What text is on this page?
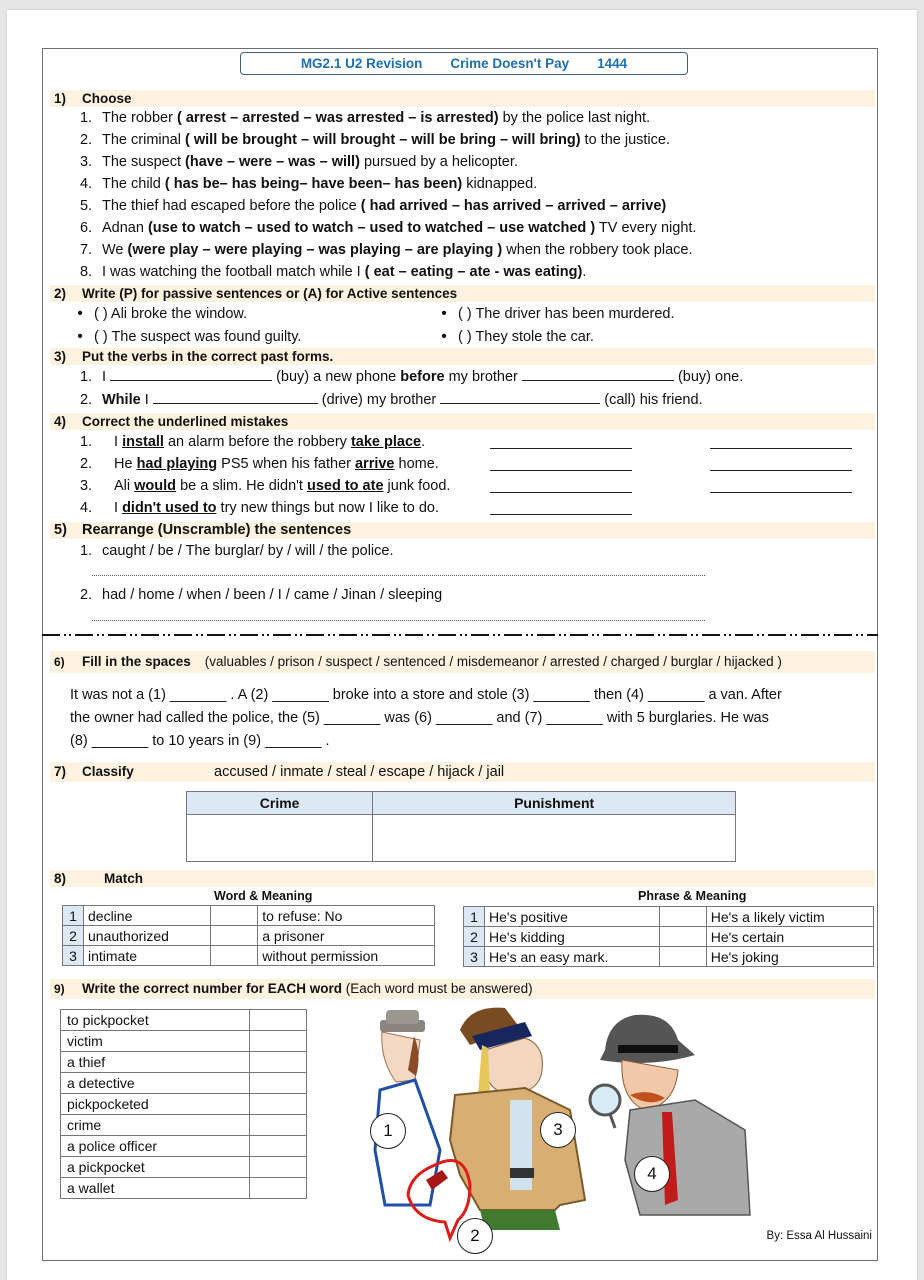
MG2.1 U2 Revision Crime Doesn't Pay 1444
1) Choose
1. The robber ( arrest – arrested – was arrested – is arrested) by the police last night.
2. The criminal ( will be brought – will brought – will be bring – will bring) to the justice.
3. The suspect (have – were – was – will) pursued by a helicopter.
4. The child ( has be– has being– have been– has been) kidnapped.
5. The thief had escaped before the police ( had arrived – has arrived – arrived – arrive)
6. Adnan (use to watch – used to watch – used to watched – use watched ) TV every night.
7. We (were play – were playing – was playing – are playing ) when the robbery took place.
8. I was watching the football match while I ( eat – eating – ate - was eating).
2) Write (P) for passive sentences or (A) for Active sentences
• ( ) Ali broke the window.	• ( ) The driver has been murdered.
• ( ) The suspect was found guilty.	• ( ) They stole the car.
3) Put the verbs in the correct past forms.
1. I	(buy) a new phone before my brother	(buy) one.
2. While I	(drive) my brother	(call) his friend.
4) Correct the underlined mistakes
1. I install an alarm before the robbery take place.
2. He had playing PS5 when his father arrive home.
3. Ali would be a slim. He didn't used to ate junk food.
4. I didn't used to try new things but now I like to do.
5) Rearrange (Unscramble) the sentences
1. caught / be / The burglar/ by / will / the police.
2. had / home / when / been / I / came / Jinan / sleeping
6) Fill in the spaces (valuables / prison / suspect / sentenced / misdemeanor / arrested / charged / burglar / hijacked )
It was not a (1) _______ . A (2) _______ broke into a store and stole (3) _______ then (4) _______ a van. After
the owner had called the police, the (5) _______ was (6) _______ and (7) _______ with 5 burglaries. He was
(8) _______ to 10 years in (9) _______ .
7) Classify	accused / inmate / steal / escape / hijack / jail
Crime	Punishment

8)	Match
Word & Meaning
1	decline		to refuse: No
2	unauthorized		a prisoner
3	intimate		without permission
Phrase & Meaning
1	He's positive		He's a likely victim
2	He's kidding		He's certain
3	He's an easy mark.		He's joking
9) Write the correct number for EACH word (Each word must be answered)
to pickpocket	
victim	
a thief	
a detective	
pickpocketed	
crime	
a police officer	
a pickpocket	
a wallet	
1
2
3
4
By: Essa Al Hussaini
